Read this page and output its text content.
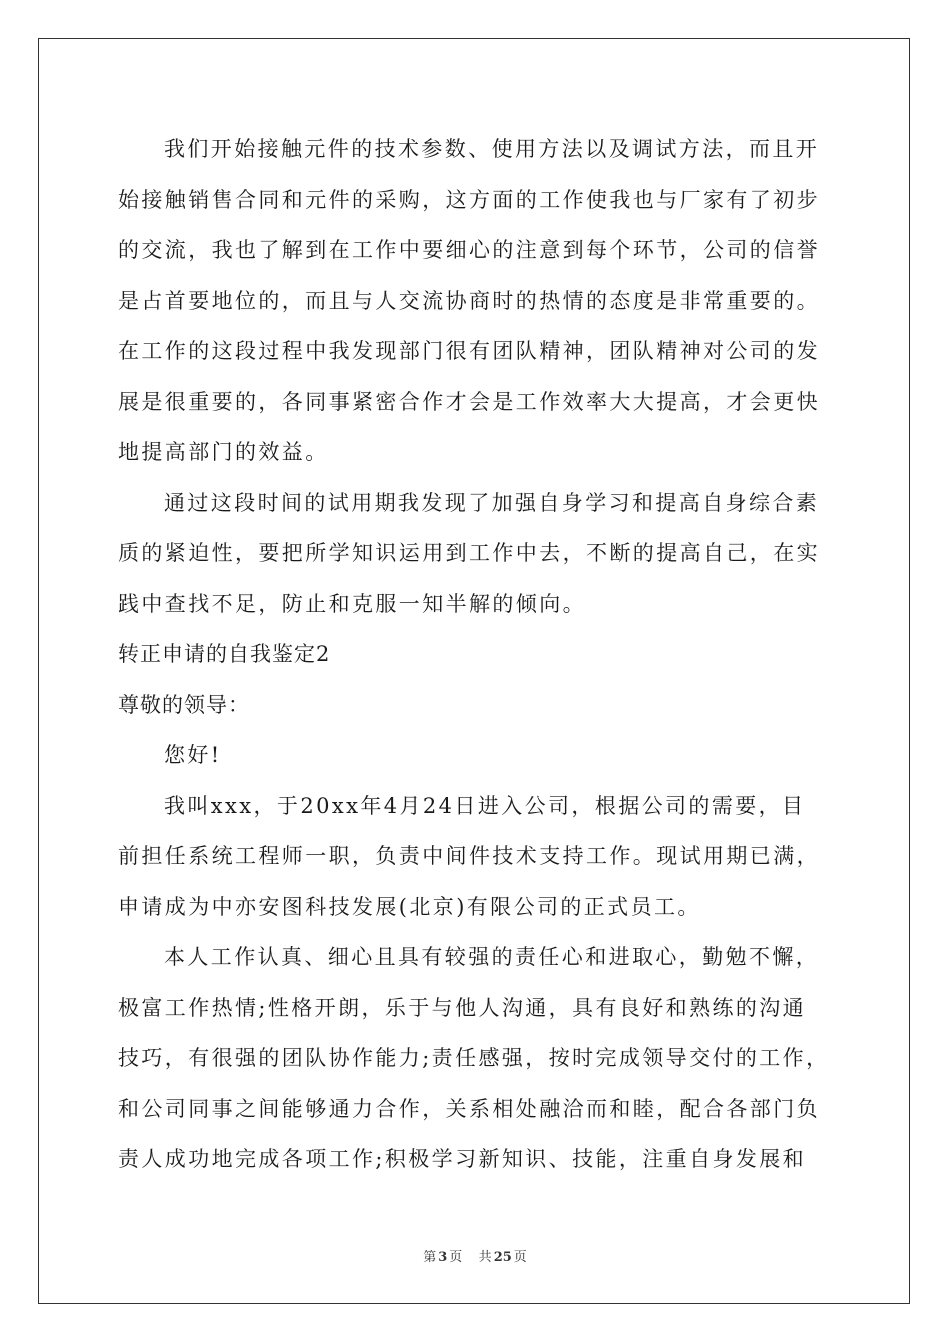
我们开始接触元件的技术参数、使用方法以及调试方法，而且开
始接触销售合同和元件的采购，这方面的工作使我也与厂家有了初步
的交流，我也了解到在工作中要细心的注意到每个环节，公司的信誉
是占首要地位的，而且与人交流协商时的热情的态度是非常重要的。
在工作的这段过程中我发现部门很有团队精神，团队精神对公司的发
展是很重要的，各同事紧密合作才会是工作效率大大提高，才会更快
地提高部门的效益。
通过这段时间的试用期我发现了加强自身学习和提高自身综合素
质的紧迫性，要把所学知识运用到工作中去，不断的提高自己，在实
践中查找不足，防止和克服一知半解的倾向。
转正申请的自我鉴定2
尊敬的领导：
您好!
我叫xxx，于20xx年4月24日进入公司，根据公司的需要，目
前担任系统工程师一职，负责中间件技术支持工作。现试用期已满，
申请成为中亦安图科技发展(北京)有限公司的正式员工。
本人工作认真、细心且具有较强的责任心和进取心，勤勉不懈，
极富工作热情;性格开朗，乐于与他人沟通，具有良好和熟练的沟通
技巧，有很强的团队协作能力;责任感强，按时完成领导交付的工作，
和公司同事之间能够通力合作，关系相处融洽而和睦，配合各部门负
责人成功地完成各项工作;积极学习新知识、技能，注重自身发展和
第 3 页 共 25 页
